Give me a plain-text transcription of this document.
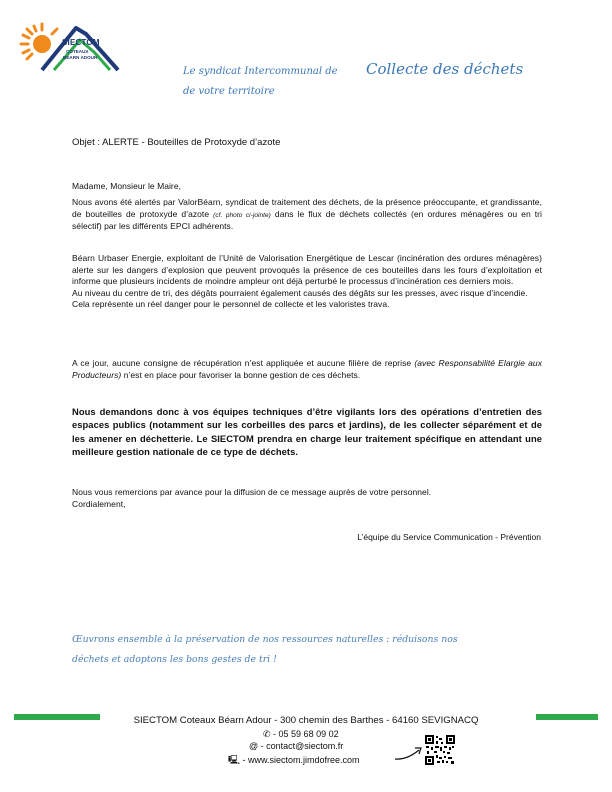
SIECTOM
COTEAUX
BÉARN ADOUR
Le syndicat Intercommunal de Collecte des déchets
de votre territoire
Objet : ALERTE - Bouteilles de Protoxyde d’azote
Madame, Monsieur le Maire,
Nous avons été alertés par ValorBéarn, syndicat de traitement des déchets, de la présence préoccupante, et grandissante, de bouteilles de protoxyde d’azote (cf. photo ci-jointe) dans le flux de déchets collectés (en ordures ménagères ou en tri sélectif) par les différents EPCI adhérents.
Béarn Urbaser Energie, exploitant de l’Unité de Valorisation Energétique de Lescar (incinération des ordures ménagères) alerte sur les dangers d’explosion que peuvent provoqués la présence de ces bouteilles dans les fours d’exploitation et informe que plusieurs incidents de moindre ampleur ont déjà perturbé le processus d’incinération ces derniers mois.
Au niveau du centre de tri, des dégâts pourraient également causés des dégâts sur les presses, avec risque d’incendie.
Cela représente un réel danger pour le personnel de collecte et les valoristes trava.
A ce jour, aucune consigne de récupération n’est appliquée et aucune filière de reprise (avec Responsabilité Elargie aux Producteurs) n’est en place pour favoriser la bonne gestion de ces déchets.
Nous demandons donc à vos équipes techniques d’être vigilants lors des opérations d’entretien des espaces publics (notamment sur les corbeilles des parcs et jardins), de les collecter séparément et de les amener en déchetterie. Le SIECTOM prendra en charge leur traitement spécifique en attendant une meilleure gestion nationale de ce type de déchets.
Nous vous remercions par avance pour la diffusion de ce message auprès de votre personnel.
Cordialement,
L’équipe du Service Communication - Prévention
Œuvrons ensemble à la préservation de nos ressources naturelles : réduisons nos
déchets et adoptons les bons gestes de tri !
SIECTOM Coteaux Béarn Adour - 300 chemin des Barthes - 64160 SEVIGNACQ
✆ - 05 59 68 09 02
@ - contact@siectom.fr
🖳 - www.siectom.jimdofree.com
